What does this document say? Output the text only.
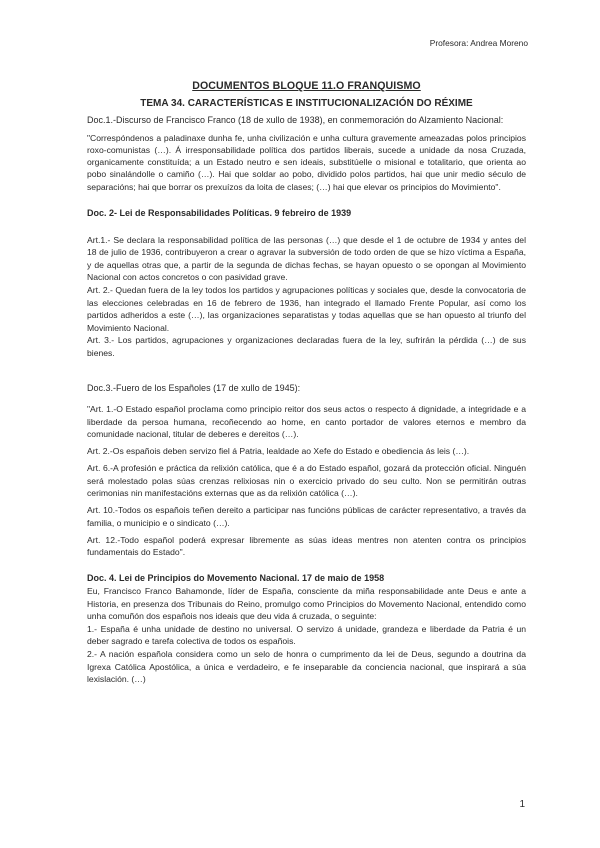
Profesora: Andrea Moreno
DOCUMENTOS BLOQUE 11.O FRANQUISMO
TEMA 34. CARACTERÍSTICAS E INSTITUCIONALIZACIÓN DO RÉXIME

Doc.1.-Discurso de Francisco Franco (18 de xullo de 1938), en conmemoración do Alzamiento Nacional:

"Correspóndenos a paladinaxe dunha fe, unha civilización e unha cultura gravemente ameazadas polos principios roxo-comunistas (…). Á irresponsabilidade política dos partidos liberais, sucede a unidade da nosa Cruzada, organicamente constituída; a un Estado neutro e sen ideais, substitúelle o misional e totalitario, que orienta ao pobo sinalándolle o camiño (…). Hai que soldar ao pobo, dividido polos partidos, hai que unir medio século de separacións; hai que borrar os prexuízos da loita de clases; (…) hai que elevar os principios do Movimiento".

Doc. 2- Lei de Responsabilidades Políticas. 9 febreiro de 1939

Art.1.- Se declara la responsabilidad política de las personas (…) que desde el 1 de octubre de 1934 y antes del 18 de julio de 1936, contribuyeron a crear o agravar la subversión de todo orden de que se hizo víctima a España, y de aquellas otras que, a partir de la segunda de dichas fechas, se hayan opuesto o se opongan al Movimiento Nacional con actos concretos o con pasividad grave.

Art. 2.- Quedan fuera de la ley todos los partidos y agrupaciones políticas y sociales que, desde la convocatoria de las elecciones celebradas en 16 de febrero de 1936, han integrado el llamado Frente Popular, así como los partidos adheridos a este (…), las organizaciones separatistas y todas aquellas que se han opuesto al triunfo del Movimiento Nacional.

Art. 3.- Los partidos, agrupaciones y organizaciones declaradas fuera de la ley, sufrirán la pérdida (…) de sus bienes.

Doc.3.-Fuero de los Españoles (17 de xullo de 1945):

"Art. 1.-O Estado español proclama como principio reitor dos seus actos o respecto á dignidade, a integridade e a liberdade da persoa humana, recoñecendo ao home, en canto portador de valores eternos e membro da comunidade nacional, titular de deberes e dereitos (…).

Art. 2.-Os españois deben servizo fiel á Patria, lealdade ao Xefe do Estado e obediencia ás leis (…).

Art. 6.-A profesión e práctica da relixión católica, que é a do Estado español, gozará da protección oficial. Ninguén será molestado polas súas crenzas relixiosas nin o exercicio privado do seu culto. Non se permitirán outras cerimonias nin manifestacións externas que as da relixión católica (…).

Art. 10.-Todos os españois teñen dereito a participar nas funcións públicas de carácter representativo, a través da familia, o municipio e o sindicato (…).

Art. 12.-Todo español poderá expresar libremente as súas ideas mentres non atenten contra os principios fundamentais do Estado".

Doc. 4. Lei de Principios do Movemento Nacional. 17 de maio de 1958

Eu, Francisco Franco Bahamonde, líder de España, consciente da miña responsabilidade ante Deus e ante a Historia, en presenza dos Tribunais do Reino, promulgo como Principios do Movemento Nacional, entendido como unha comuñón dos españois nos ideais que deu vida á cruzada, o seguinte:

1.- España é unha unidade de destino no universal. O servizo á unidade, grandeza e liberdade da Patria é un deber sagrado e tarefa colectiva de todos os españois.

2.- A nación española considera como un selo de honra o cumprimento da lei de Deus, segundo a doutrina da Igrexa Católica Apostólica, a única e verdadeiro, e fe inseparable da conciencia nacional, que inspirará a súa lexislación. (…)

1
